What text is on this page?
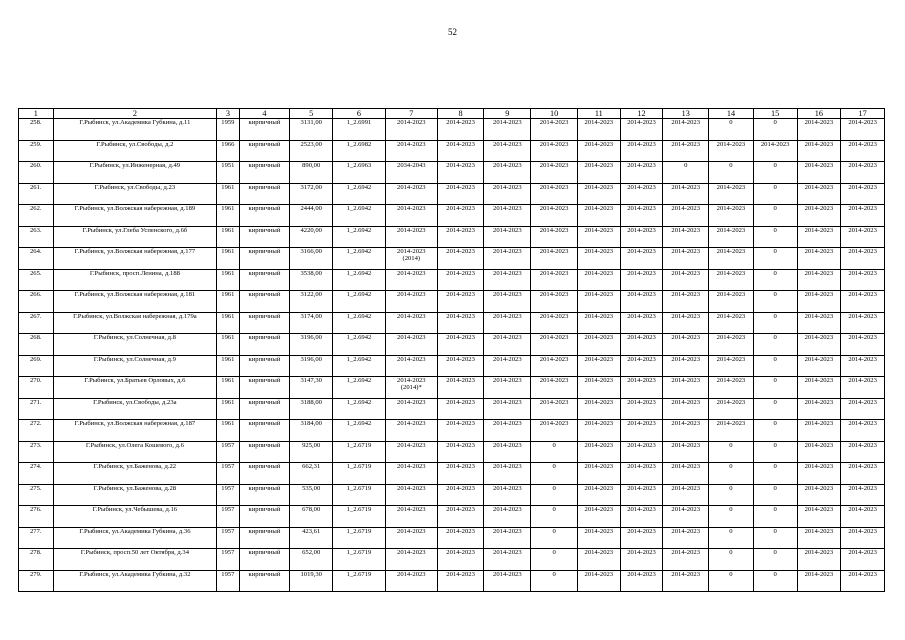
52
1	2	3	4	5	6	7	8	9	10	11	12	13	14	15	16	17
258.	Г.Рыбинск, ул.Академика Губкина, д.11	1959	кирпичный	3131,00	1_2.6991	2014-2023	2014-2023	2014-2023	2014-2023	2014-2023	2014-2023	2014-2023	0	0	2014-2023	2014-2023
259.	Г.Рыбинск, ул.Свободы, д.2	1966	кирпичный	2523,00	1_2.6982	2014-2023	2014-2023	2014-2023	2014-2023	2014-2023	2014-2023	2014-2023	2014-2023	2014-2023	2014-2023	2014-2023
260.	Г.Рыбинск, ул.Инженерная, д.49	1951	кирпичный	890,00	1_2.6963	2034-2043	2014-2023	2014-2023	2014-2023	2014-2023	2014-2023	0	0	0	2014-2023	2014-2023
261.	Г.Рыбинск, ул.Свободы, д.23	1961	кирпичный	3172,00	1_2.6942	2014-2023	2014-2023	2014-2023	2014-2023	2014-2023	2014-2023	2014-2023	2014-2023	0	2014-2023	2014-2023
262.	Г.Рыбинск, ул.Волжская набережная, д.189	1961	кирпичный	2444,00	1_2.6942	2014-2023	2014-2023	2014-2023	2014-2023	2014-2023	2014-2023	2014-2023	2014-2023	0	2014-2023	2014-2023
263.	Г.Рыбинск, ул.Глеба Успенского, д.6б	1961	кирпичный	4220,00	1_2.6942	2014-2023	2014-2023	2014-2023	2014-2023	2014-2023	2014-2023	2014-2023	2014-2023	0	2014-2023	2014-2023
264.	Г.Рыбинск, ул.Волжская набережная, д.177	1961	кирпичный	3166,00	1_2.6942	2014-2023 (2014)	2014-2023	2014-2023	2014-2023	2014-2023	2014-2023	2014-2023	2014-2023	0	2014-2023	2014-2023
265.	Г.Рыбинск, просп.Ленина, д.188	1961	кирпичный	3538,00	1_2.6942	2014-2023	2014-2023	2014-2023	2014-2023	2014-2023	2014-2023	2014-2023	2014-2023	0	2014-2023	2014-2023
266.	Г.Рыбинск, ул.Волжская набережная, д.181	1961	кирпичный	3122,00	1_2.6942	2014-2023	2014-2023	2014-2023	2014-2023	2014-2023	2014-2023	2014-2023	2014-2023	0	2014-2023	2014-2023
267.	Г.Рыбинск, ул.Волжская набережная, д.179а	1961	кирпичный	3174,00	1_2.6942	2014-2023	2014-2023	2014-2023	2014-2023	2014-2023	2014-2023	2014-2023	2014-2023	0	2014-2023	2014-2023
268.	Г.Рыбинск, ул.Солнечная, д.8	1961	кирпичный	3196,00	1_2.6942	2014-2023	2014-2023	2014-2023	2014-2023	2014-2023	2014-2023	2014-2023	2014-2023	0	2014-2023	2014-2023
269.	Г.Рыбинск, ул.Солнечная, д.9	1961	кирпичный	3196,00	1_2.6942	2014-2023	2014-2023	2014-2023	2014-2023	2014-2023	2014-2023	2014-2023	2014-2023	0	2014-2023	2014-2023
270.	Г.Рыбинск, ул.Братьев Орловых, д.6	1961	кирпичный	3147,30	1_2.6942	2014-2023 (2014)*	2014-2023	2014-2023	2014-2023	2014-2023	2014-2023	2014-2023	2014-2023	0	2014-2023	2014-2023
271.	Г.Рыбинск, ул.Свободы, д.23а	1961	кирпичный	3188,00	1_2.6942	2014-2023	2014-2023	2014-2023	2014-2023	2014-2023	2014-2023	2014-2023	2014-2023	0	2014-2023	2014-2023
272.	Г.Рыбинск, ул.Волжская набережная, д.187	1961	кирпичный	3184,00	1_2.6942	2014-2023	2014-2023	2014-2023	2014-2023	2014-2023	2014-2023	2014-2023	2014-2023	0	2014-2023	2014-2023
273.	Г.Рыбинск, ул.Олега Кошевого, д.6	1957	кирпичный	925,00	1_2.6719	2014-2023	2014-2023	2014-2023	0	2014-2023	2014-2023	2014-2023	0	0	2014-2023	2014-2023
274.	Г.Рыбинск, ул.Баженова, д.22	1957	кирпичный	662,31	1_2.6719	2014-2023	2014-2023	2014-2023	0	2014-2023	2014-2023	2014-2023	0	0	2014-2023	2014-2023
275.	Г.Рыбинск, ул.Баженова, д.28	1957	кирпичный	535,00	1_2.6719	2014-2023	2014-2023	2014-2023	0	2014-2023	2014-2023	2014-2023	0	0	2014-2023	2014-2023
276.	Г.Рыбинск, ул.Чебышева, д.16	1957	кирпичный	678,00	1_2.6719	2014-2023	2014-2023	2014-2023	0	2014-2023	2014-2023	2014-2023	0	0	2014-2023	2014-2023
277.	Г.Рыбинск, ул.Академика Губкина, д.36	1957	кирпичный	423,61	1_2.6719	2014-2023	2014-2023	2014-2023	0	2014-2023	2014-2023	2014-2023	0	0	2014-2023	2014-2023
278.	Г.Рыбинск, просп.50 лет Октября, д.34	1957	кирпичный	652,00	1_2.6719	2014-2023	2014-2023	2014-2023	0	2014-2023	2014-2023	2014-2023	0	0	2014-2023	2014-2023
279.	Г.Рыбинск, ул.Академика Губкина, д.32	1957	кирпичный	1019,30	1_2.6719	2014-2023	2014-2023	2014-2023	0	2014-2023	2014-2023	2014-2023	0	0	2014-2023	2014-2023
